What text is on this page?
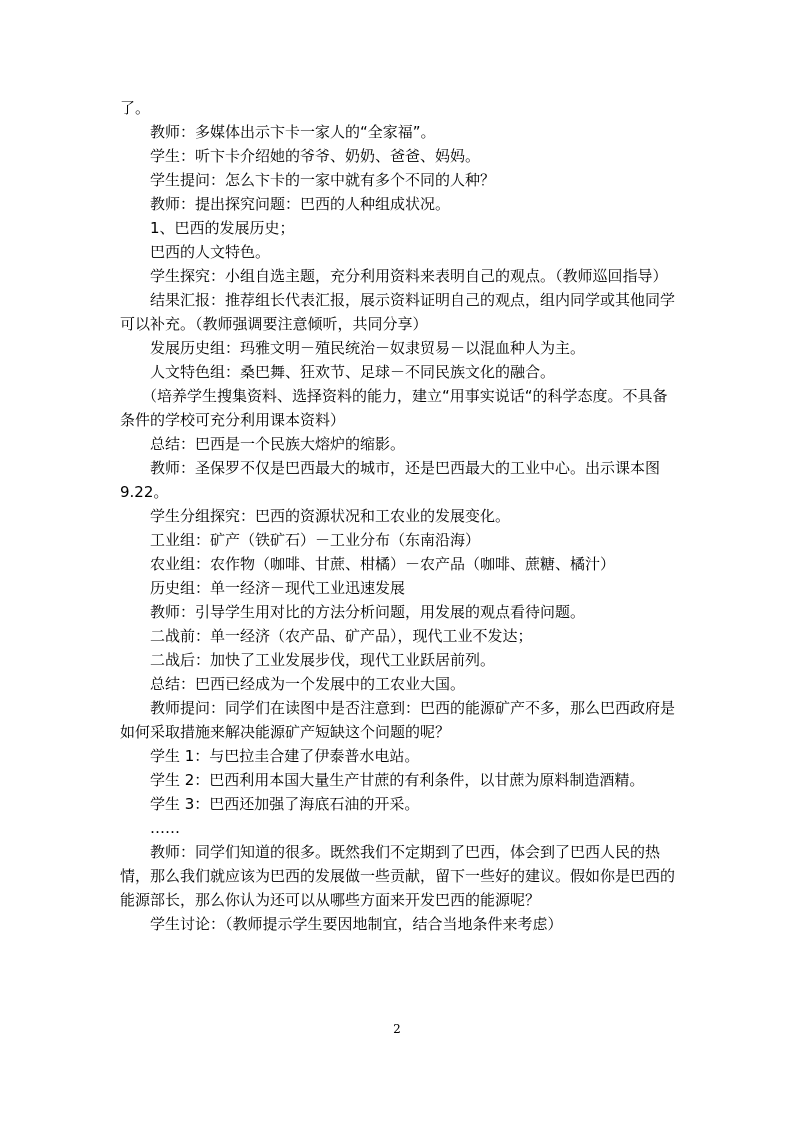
了。

教师：多媒体出示卞卡一家人的“全家福”。

学生：听卞卡介绍她的爷爷、奶奶、爸爸、妈妈。

学生提问：怎么卞卡的一家中就有多个不同的人种？

教师：提出探究问题：巴西的人种组成状况。

1、巴西的发展历史；

巴西的人文特色。

学生探究：小组自选主题，充分利用资料来表明自己的观点。（教师巡回指导）

结果汇报：推荐组长代表汇报，展示资料证明自己的观点，组内同学或其他同学可以补充。（教师强调要注意倾听，共同分享）

发展历史组：玛雅文明－殖民统治－奴隶贸易－以混血种人为主。

人文特色组：桑巴舞、狂欢节、足球－不同民族文化的融合。

（培养学生搜集资料、选择资料的能力，建立“用事实说话“的科学态度。不具备条件的学校可充分利用课本资料）

总结：巴西是一个民族大熔炉的缩影。

教师：圣保罗不仅是巴西最大的城市，还是巴西最大的工业中心。出示课本图 9.22。

学生分组探究：巴西的资源状况和工农业的发展变化。

工业组：矿产（铁矿石）－工业分布（东南沿海）

农业组：农作物（咖啡、甘蔗、柑橘）－农产品（咖啡、蔗糖、橘汁）

历史组：单一经济－现代工业迅速发展

教师：引导学生用对比的方法分析问题，用发展的观点看待问题。

二战前：单一经济（农产品、矿产品），现代工业不发达；

二战后：加快了工业发展步伐，现代工业跃居前列。

总结：巴西已经成为一个发展中的工农业大国。

教师提问：同学们在读图中是否注意到：巴西的能源矿产不多，那么巴西政府是如何采取措施来解决能源矿产短缺这个问题的呢？

学生 1：与巴拉圭合建了伊泰普水电站。

学生 2：巴西利用本国大量生产甘蔗的有利条件，以甘蔗为原料制造酒精。

学生 3：巴西还加强了海底石油的开采。

……

教师：同学们知道的很多。既然我们不定期到了巴西，体会到了巴西人民的热情，那么我们就应该为巴西的发展做一些贡献，留下一些好的建议。假如你是巴西的能源部长，那么你认为还可以从哪些方面来开发巴西的能源呢？

学生讨论：（教师提示学生要因地制宜，结合当地条件来考虑）

2
